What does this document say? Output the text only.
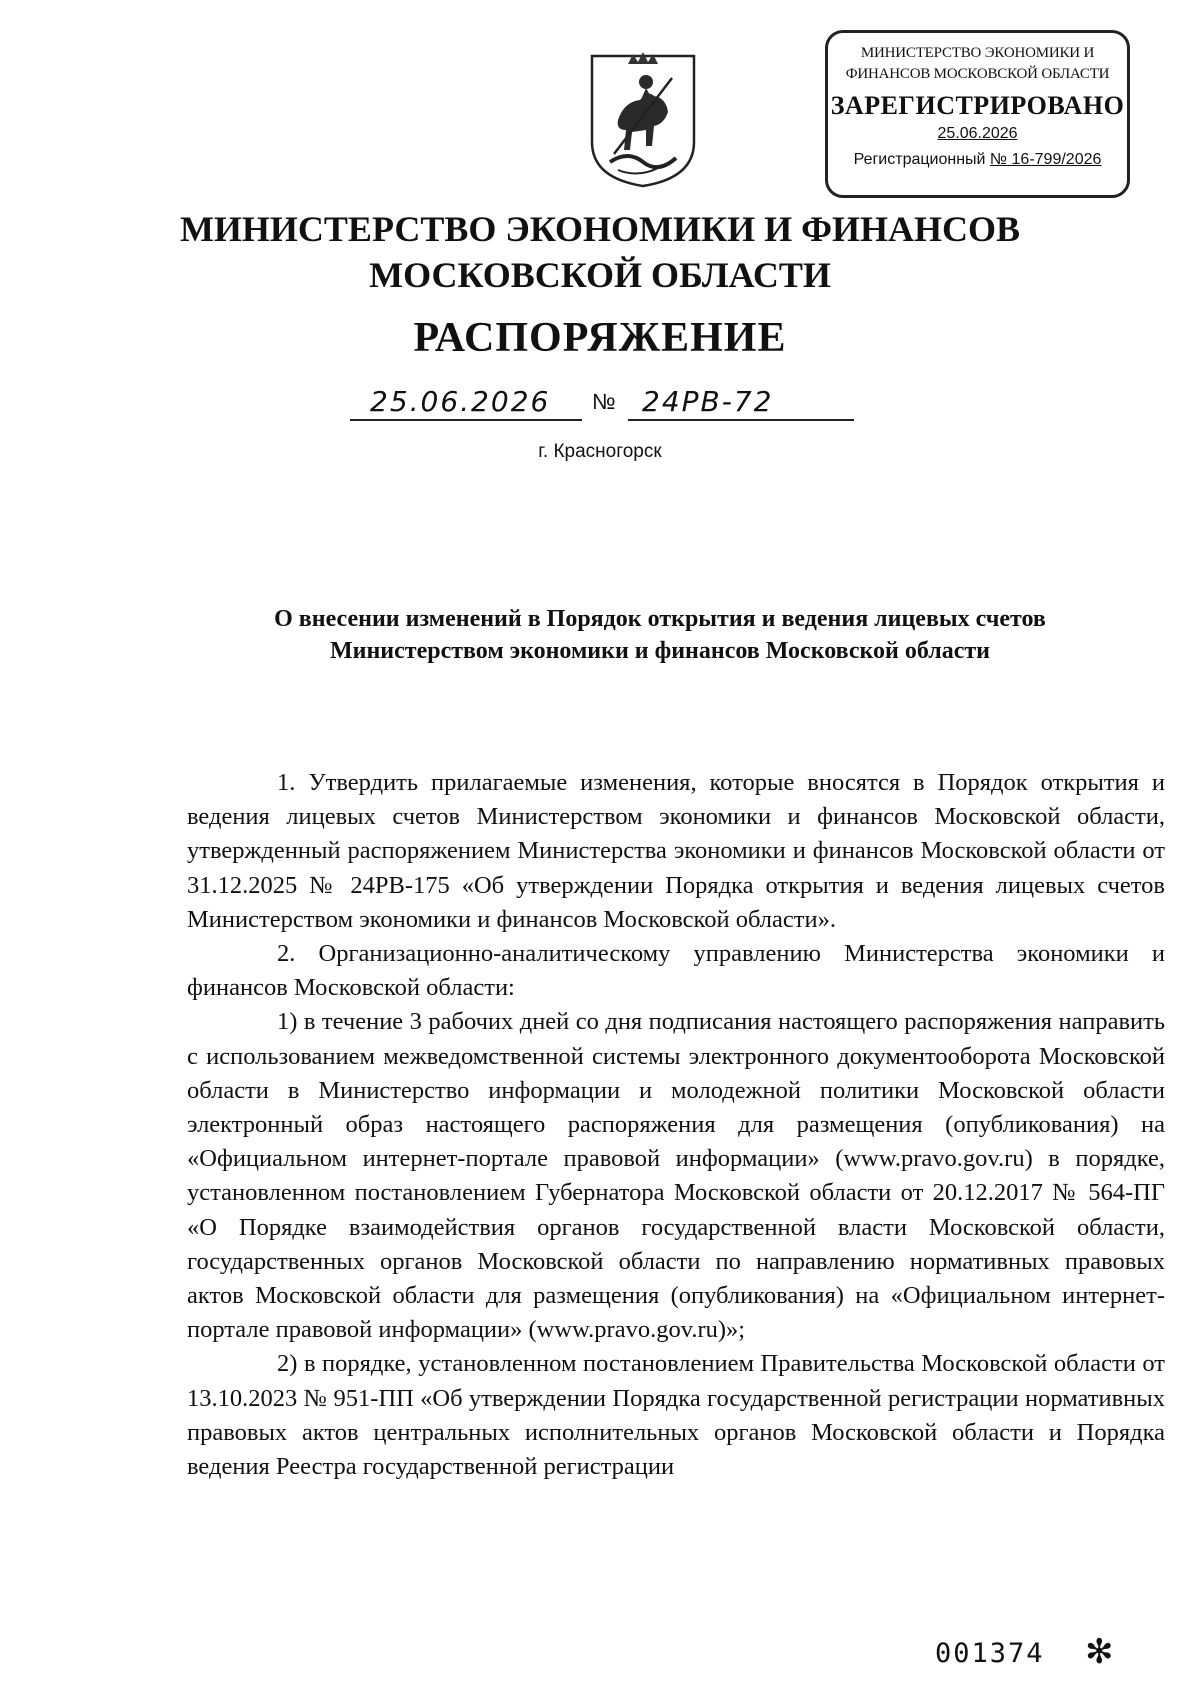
МИНИСТЕРСТВО ЭКОНОМИКИ И
ФИНАНСОВ МОСКОВСКОЙ ОБЛАСТИ
ЗАРЕГИСТРИРОВАНО
25.06.2026
Регистрационный № 16-799/2026
МИНИСТЕРСТВО ЭКОНОМИКИ И ФИНАНСОВ
МОСКОВСКОЙ ОБЛАСТИ
РАСПОРЯЖЕНИЕ
25.06.2026 № 24РВ-72
г. Красногорск
О внесении изменений в Порядок открытия и ведения лицевых счетов
Министерством экономики и финансов Московской области

1. Утвердить прилагаемые изменения, которые вносятся в Порядок открытия и ведения лицевых счетов Министерством экономики и финансов Московской области, утвержденный распоряжением Министерства экономики и финансов Московской области от 31.12.2025 № 24РВ-175 «Об утверждении Порядка открытия и ведения лицевых счетов Министерством экономики и финансов Московской области».

2. Организационно-аналитическому управлению Министерства экономики и финансов Московской области:

1) в течение 3 рабочих дней со дня подписания настоящего распоряжения направить с использованием межведомственной системы электронного документооборота Московской области в Министерство информации и молодежной политики Московской области электронный образ настоящего распоряжения для размещения (опубликования) на «Официальном интернет-портале правовой информации» (www.pravo.gov.ru) в порядке, установленном постановлением Губернатора Московской области от 20.12.2017 № 564-ПГ «О Порядке взаимодействия органов государственной власти Московской области, государственных органов Московской области по направлению нормативных правовых актов Московской области для размещения (опубликования) на «Официальном интернет-портале правовой информации» (www.pravo.gov.ru)»;

2) в порядке, установленном постановлением Правительства Московской области от 13.10.2023 № 951-ПП «Об утверждении Порядка государственной регистрации нормативных правовых актов центральных исполнительных органов Московской области и Порядка ведения Реестра государственной регистрации

001374 ✻
